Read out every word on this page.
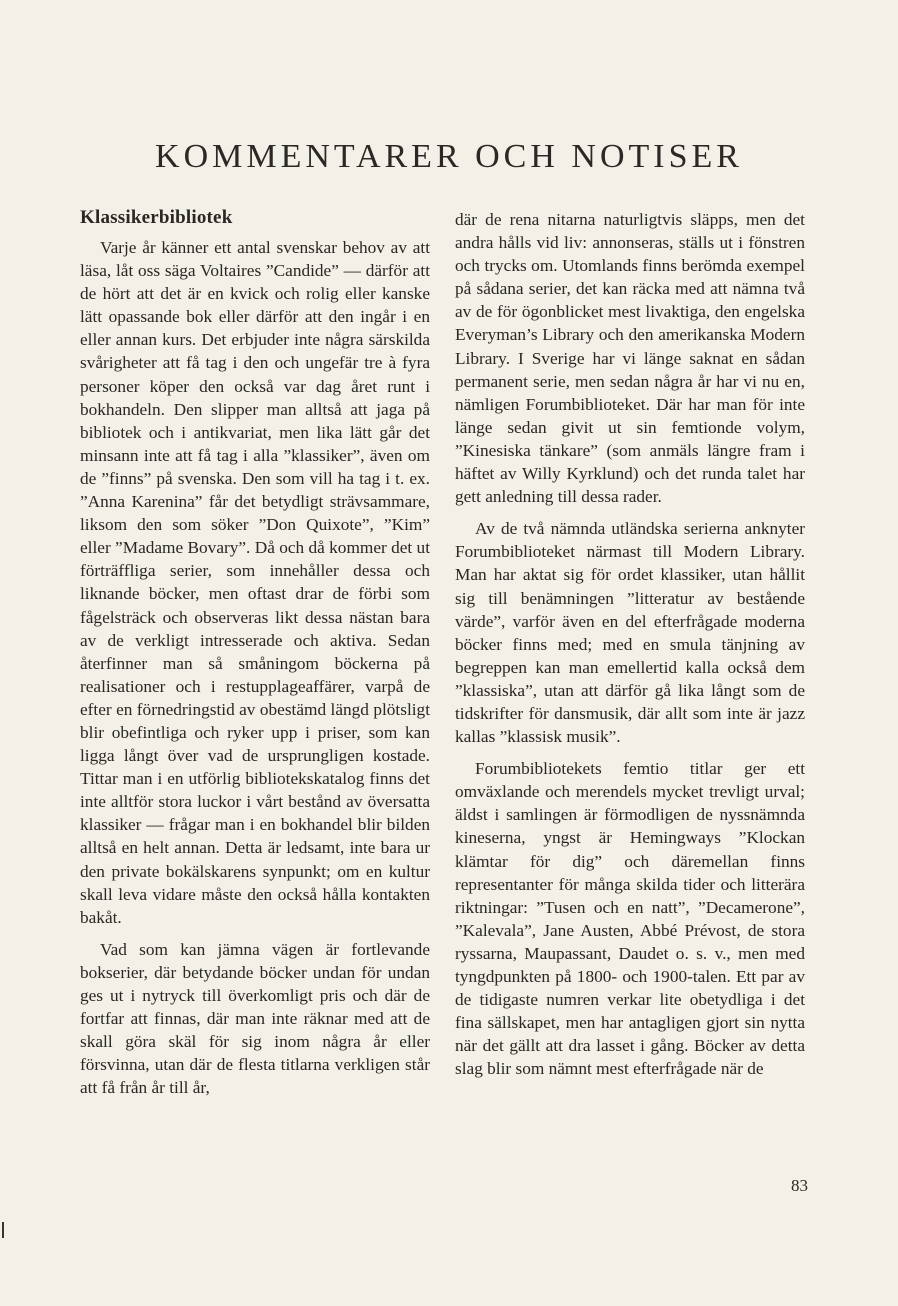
KOMMENTARER OCH NOTISER
Klassikerbibliotek

Varje år känner ett antal svenskar behov av att läsa, låt oss säga Voltaires ”Candide” — därför att de hört att det är en kvick och rolig eller kanske lätt opassande bok eller därför att den ingår i en eller annan kurs. Det erbjuder inte några särskilda svårigheter att få tag i den och ungefär tre à fyra personer köper den också var dag året runt i bokhandeln. Den slipper man alltså att jaga på bibliotek och i antikvariat, men lika lätt går det minsann inte att få tag i alla ”klassiker”, även om de ”finns” på svenska. Den som vill ha tag i t. ex. ”Anna Karenina” får det betydligt strävsammare, liksom den som söker ”Don Quixote”, ”Kim” eller ”Madame Bovary”. Då och då kommer det ut förträffliga serier, som innehåller dessa och liknande böcker, men oftast drar de förbi som fågelsträck och observeras likt dessa nästan bara av de verkligt intresserade och aktiva. Sedan återfinner man så småningom böckerna på realisationer och i restupplageaffärer, varpå de efter en förnedringstid av obestämd längd plötsligt blir obefintliga och ryker upp i priser, som kan ligga långt över vad de ursprungligen kostade. Tittar man i en utförlig bibliotekskatalog finns det inte alltför stora luckor i vårt bestånd av översatta klassiker — frågar man i en bokhandel blir bilden alltså en helt annan. Detta är ledsamt, inte bara ur den private bokälskarens synpunkt; om en kultur skall leva vidare måste den också hålla kontakten bakåt.

Vad som kan jämna vägen är fortlevande bokserier, där betydande böcker undan för undan ges ut i nytryck till överkomligt pris och där de fortfar att finnas, där man inte räknar med att de skall göra skäl för sig inom några år eller försvinna, utan där de flesta titlarna verkligen står att få från år till år,

där de rena nitarna naturligtvis släpps, men det andra hålls vid liv: annonseras, ställs ut i fönstren och trycks om. Utomlands finns berömda exempel på sådana serier, det kan räcka med att nämna två av de för ögonblicket mest livaktiga, den engelska Everyman’s Library och den amerikanska Modern Library. I Sverige har vi länge saknat en sådan permanent serie, men sedan några år har vi nu en, nämligen Forumbiblioteket. Där har man för inte länge sedan givit ut sin femtionde volym, ”Kinesiska tänkare” (som anmäls längre fram i häftet av Willy Kyrklund) och det runda talet har gett anledning till dessa rader.

Av de två nämnda utländska serierna anknyter Forumbiblioteket närmast till Modern Library. Man har aktat sig för ordet klassiker, utan hållit sig till benämningen ”litteratur av bestående värde”, varför även en del efterfrågade moderna böcker finns med; med en smula tänjning av begreppen kan man emellertid kalla också dem ”klassiska”, utan att därför gå lika långt som de tidskrifter för dansmusik, där allt som inte är jazz kallas ”klassisk musik”.

Forumbibliotekets femtio titlar ger ett omväxlande och merendels mycket trevligt urval; äldst i samlingen är förmodligen de nyssnämnda kineserna, yngst är Hemingways ”Klockan klämtar för dig” och däremellan finns representanter för många skilda tider och litterära riktningar: ”Tusen och en natt”, ”Decamerone”, ”Kalevala”, Jane Austen, Abbé Prévost, de stora ryssarna, Maupassant, Daudet o. s. v., men med tyngdpunkten på 1800- och 1900-talen. Ett par av de tidigaste numren verkar lite obetydliga i det fina sällskapet, men har antagligen gjort sin nytta när det gällt att dra lasset i gång. Böcker av detta slag blir som nämnt mest efterfrågade när de

83
